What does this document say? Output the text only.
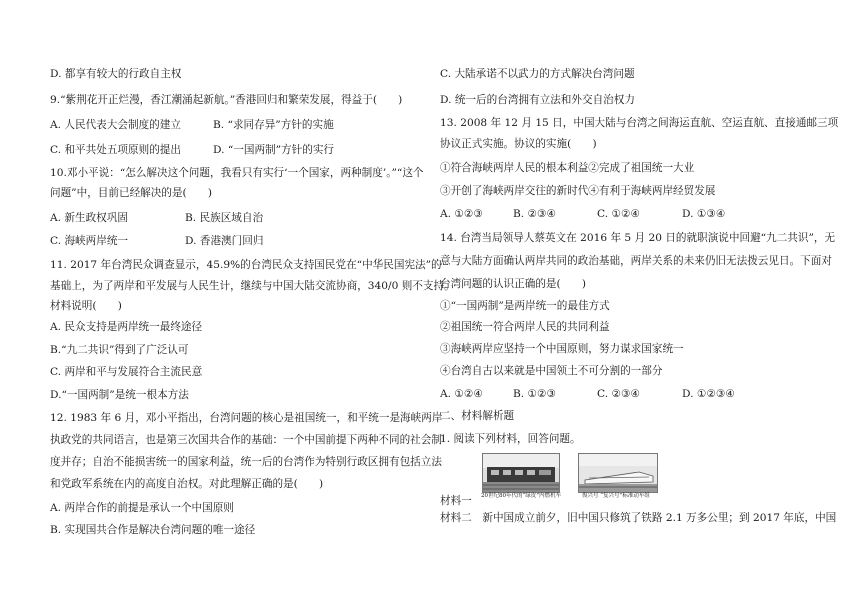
D. 都享有较大的行政自主权
9.“紫荆花开正烂漫，香江潮涌起新航。”香港回归和繁荣发展，得益于(　　)
A. 人民代表大会制度的建立	B. “求同存异”方针的实施
C. 和平共处五项原则的提出	D. “一国两制”方针的实行
10.邓小平说：“怎么解决这个问题，我看只有实行‘一个国家，两种制度’。”“这个
问题”中，目前已经解决的是(　　)
A. 新生政权巩固	B. 民族区域自治
C. 海峡两岸统一	D. 香港澳门回归
11. 2017 年台湾民众调查显示，45.9%的台湾民众支持国民党在“中华民国宪法”的
基础上，为了两岸和平发展与人民生计，继续与中国大陆交流协商，340/0 则不支持。
材料说明(　　)
A. 民众支持是两岸统一最终途径
B.“九二共识”得到了广泛认可
C. 两岸和平与发展符合主流民意
D.“一国两制”是统一根本方法
12. 1983 年 6 月，邓小平指出，台湾问题的核心是祖国统一，和平统一是海峡两岸
执政党的共同语言，也是第三次国共合作的基础：一个中国前提下两种不同的社会制
度并存；自治不能损害统一的国家利益，统一后的台湾作为特别行政区拥有包括立法
和党政军系统在内的高度自治权。对此理解正确的是(　　)
A. 两岸合作的前提是承认一个中国原则
B. 实现国共合作是解决台湾问题的唯一途径
C. 大陆承诺不以武力的方式解决台湾问题
D. 统一后的台湾拥有立法和外交自治权力
13. 2008 年 12 月 15 日，中国大陆与台湾之间海运直航、空运直航、直接通邮三项
协议正式实施。协议的实施(　　)
①符合海峡两岸人民的根本利益②完成了祖国统一大业
③开创了海峡两岸交往的新时代④有利于海峡两岸经贸发展
A. ①②③	B. ②③④	C. ①②④	D. ①③④
14. 台湾当局领导人蔡英文在 2016 年 5 月 20 日的就职演说中回避“九二共识”，无
意与大陆方面确认两岸共同的政治基础，两岸关系的未来仍旧无法拨云见日。下面对
台湾问题的认识正确的是(　　)
①“一国两制”是两岸统一的最佳方式
②祖国统一符合两岸人民的共同利益
③海峡两岸应坚持一个中国原则，努力谋求国家统一
④台湾自古以来就是中国领土不可分割的一部分
A. ①②④	B. ①②③	C. ②③④	D. ①②③④
二、材料解析题
1. 阅读下列材料，回答问题。
20世纪80年代的“绿皮”内燃机车	復兴号 “复兴号”标准动车组
材料一
材料二　新中国成立前夕，旧中国只修筑了铁路 2.1 万多公里；到 2017 年底，中国
